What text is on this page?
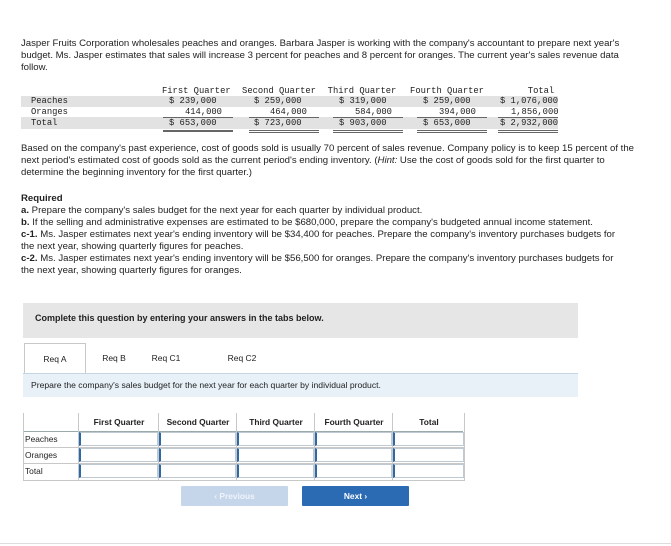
Jasper Fruits Corporation wholesales peaches and oranges. Barbara Jasper is working with the company's accountant to prepare next year's budget. Ms. Jasper estimates that sales will increase 3 percent for peaches and 8 percent for oranges. The current year's sales revenue data follow.
First Quarter Second Quarter Third Quarter Fourth Quarter	Total
Peaches	$ 239,000	$ 259,000	$ 319,000	$ 259,000	$ 1,076,000
Oranges	414,000	464,000	584,000	394,000	1,856,000
Total	$ 653,000	$ 723,000	$ 903,000	$ 653,000	$ 2,932,000
Based on the company's past experience, cost of goods sold is usually 70 percent of sales revenue. Company policy is to keep 15 percent of the next period's estimated cost of goods sold as the current period's ending inventory. (Hint: Use the cost of goods sold for the first quarter to determine the beginning inventory for the first quarter.)
Required

a. Prepare the company's sales budget for the next year for each quarter by individual product.

b. If the selling and administrative expenses are estimated to be $680,000, prepare the company's budgeted annual income statement.

c-1. Ms. Jasper estimates next year's ending inventory will be $34,400 for peaches. Prepare the company's inventory purchases budgets for the next year, showing quarterly figures for peaches.

c-2. Ms. Jasper estimates next year's ending inventory will be $56,500 for oranges. Prepare the company's inventory purchases budgets for the next year, showing quarterly figures for oranges.

Complete this question by entering your answers in the tabs below.
Req A	Req B	Req C1	Req C2
Prepare the company's sales budget for the next year for each quarter by individual product.
First Quarter	Second Quarter	Third Quarter	Fourth Quarter	Total
Peaches
Oranges
Total
‹ Previous	Next ›
